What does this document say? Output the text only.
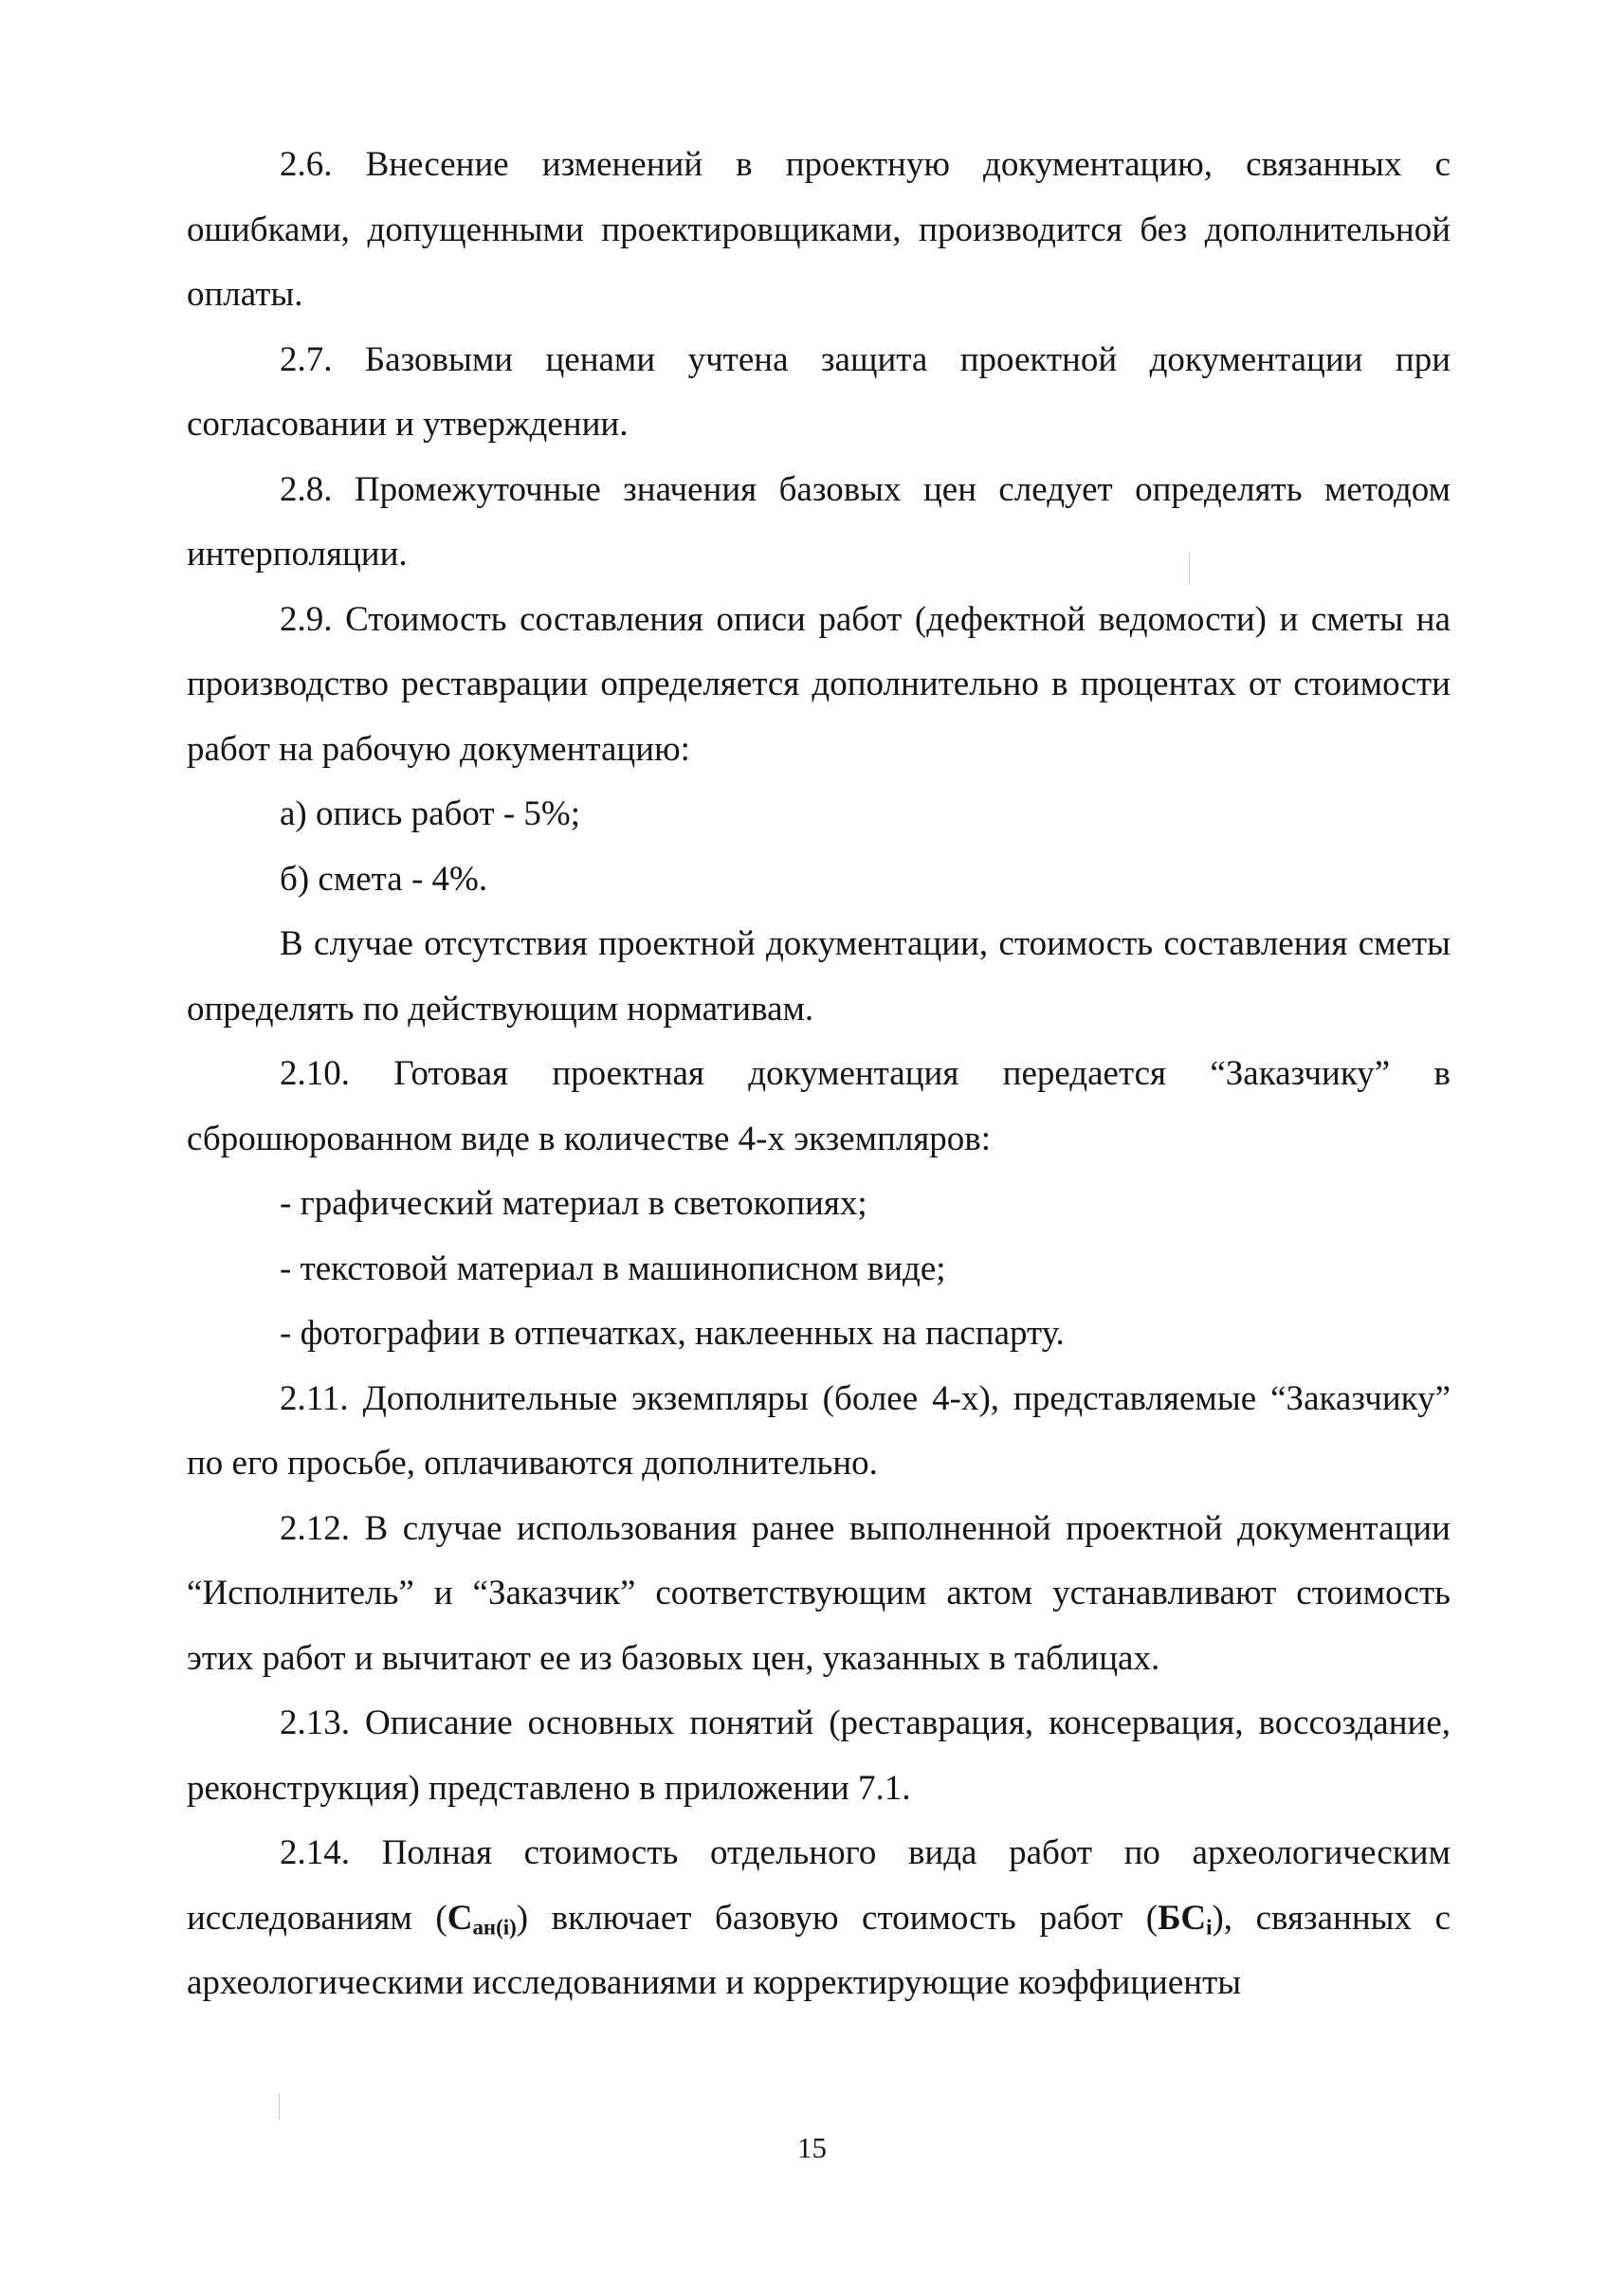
2.6. Внесение изменений в проектную документацию, связанных с ошибками, допущенными проектировщиками, производится без дополнительной оплаты.

2.7. Базовыми ценами учтена защита проектной документации при согласовании и утверждении.

2.8. Промежуточные значения базовых цен следует определять методом интерполяции.

2.9. Стоимость составления описи работ (дефектной ведомости) и сметы на производство реставрации определяется дополнительно в процентах от стоимости работ на рабочую документацию:

а) опись работ - 5%;

б) смета - 4%.

В случае отсутствия проектной документации, стоимость составления сметы определять по действующим нормативам.

2.10. Готовая проектная документация передается “Заказчику” в сброшюрованном виде в количестве 4-х экземпляров:

- графический материал в светокопиях;

- текстовой материал в машинописном виде;

- фотографии в отпечатках, наклеенных на паспарту.

2.11. Дополнительные экземпляры (более 4-х), представляемые “Заказчику” по его просьбе, оплачиваются дополнительно.

2.12. В случае использования ранее выполненной проектной документации “Исполнитель” и “Заказчик” соответствующим актом устанавливают стоимость этих работ и вычитают ее из базовых цен, указанных в таблицах.

2.13. Описание основных понятий (реставрация, консервация, воссоздание, реконструкция) представлено в приложении 7.1.

2.14. Полная стоимость отдельного вида работ по археологическим исследованиям $(С_{ан(i)})$ включает базовую стоимость работ $(БС_i)$, связанных с археологическими исследованиями и корректирующие коэффициенты

15
